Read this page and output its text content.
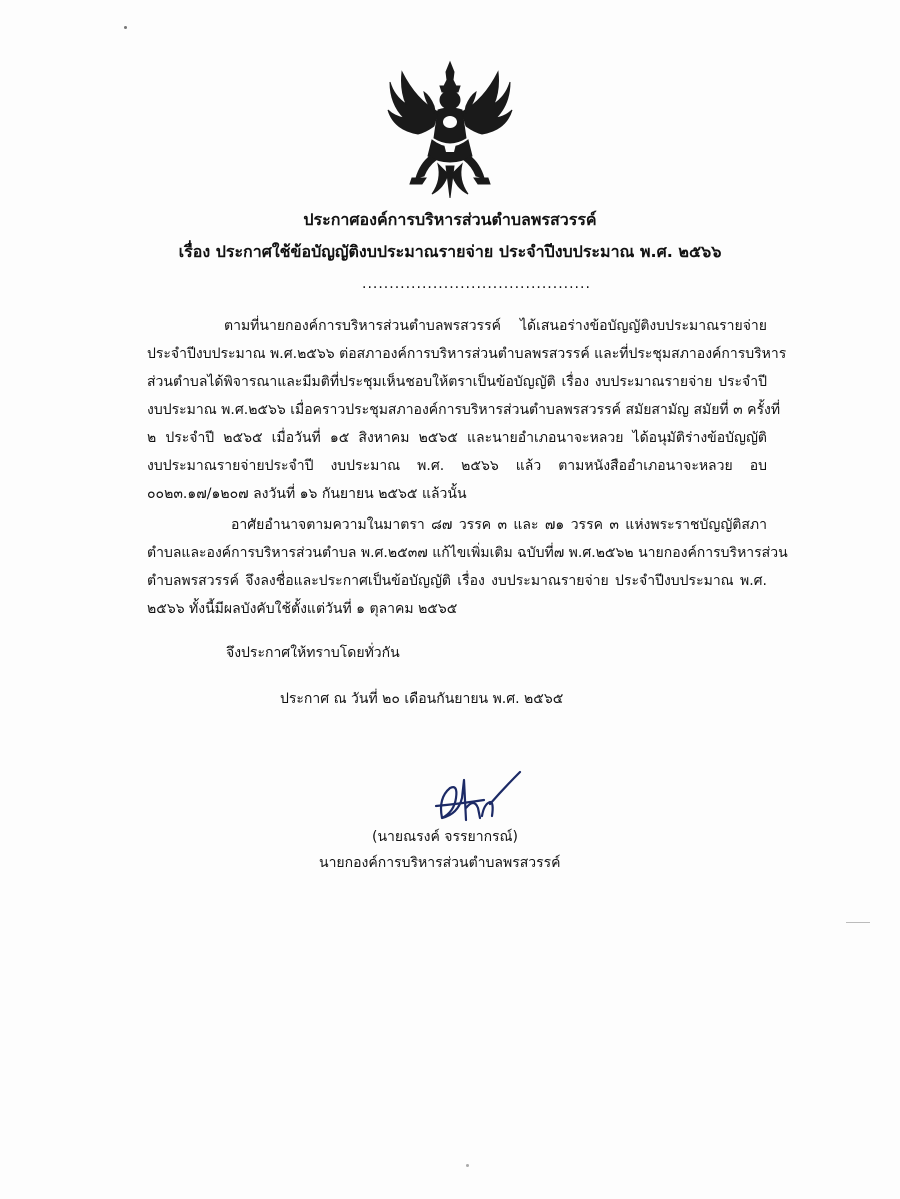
ประกาศองค์การบริหารส่วนตำบลพรสวรรค์
เรื่อง ประกาศใช้ข้อบัญญัติงบประมาณรายจ่าย ประจำปีงบประมาณ พ.ศ. ๒๕๖๖
..........................................
ตามที่นายกองค์การบริหารส่วนตำบลพรสวรรค์ ได้เสนอร่างข้อบัญญัติงบประมาณรายจ่าย
ประจำปีงบประมาณ พ.ศ.๒๕๖๖ ต่อสภาองค์การบริหารส่วนตำบลพรสวรรค์ และที่ประชุมสภาองค์การบริหาร
ส่วนตำบลได้พิจารณาและมีมติที่ประชุมเห็นชอบให้ตราเป็นข้อบัญญัติ เรื่อง งบประมาณรายจ่าย ประจำปี
งบประมาณ พ.ศ.๒๕๖๖ เมื่อคราวประชุมสภาองค์การบริหารส่วนตำบลพรสวรรค์ สมัยสามัญ สมัยที่ ๓ ครั้งที่
๒ ประจำปี ๒๕๖๕ เมื่อวันที่ ๑๕ สิงหาคม ๒๕๖๕ และนายอำเภอนาจะหลวย ได้อนุมัติร่างข้อบัญญัติ
งบประมาณรายจ่ายประจำปี งบประมาณ พ.ศ. ๒๕๖๖ แล้ว ตามหนังสืออำเภอนาจะหลวย อบ
๐๐๒๓.๑๗/๑๒๐๗ ลงวันที่ ๑๖ กันยายน ๒๕๖๕ แล้วนั้น
อาศัยอำนาจตามความในมาตรา ๘๗ วรรค ๓ และ ๗๑ วรรค ๓ แห่งพระราชบัญญัติสภา
ตำบลและองค์การบริหารส่วนตำบล พ.ศ.๒๕๓๗ แก้ไขเพิ่มเติม ฉบับที่๗ พ.ศ.๒๕๖๒ นายกองค์การบริหารส่วน
ตำบลพรสวรรค์ จึงลงชื่อและประกาศเป็นข้อบัญญัติ เรื่อง งบประมาณรายจ่าย ประจำปีงบประมาณ พ.ศ.
๒๕๖๖ ทั้งนี้มีผลบังคับใช้ตั้งแต่วันที่ ๑ ตุลาคม ๒๕๖๕
จึงประกาศให้ทราบโดยทั่วกัน
ประกาศ ณ วันที่ ๒๐ เดือนกันยายน พ.ศ. ๒๕๖๕
(นายณรงค์ จรรยากรณ์)
นายกองค์การบริหารส่วนตำบลพรสวรรค์
